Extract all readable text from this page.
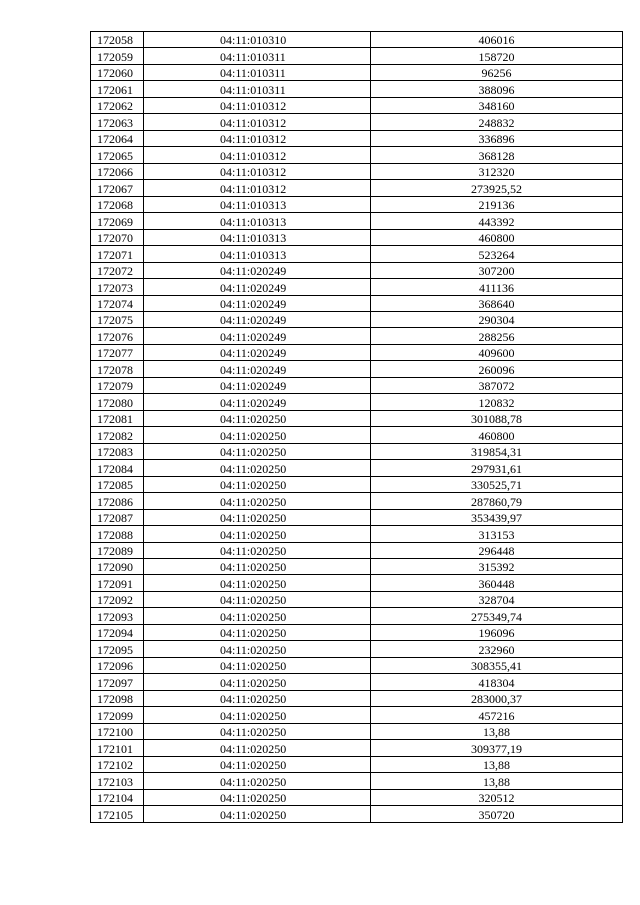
172058	04:11:010310	406016
172059	04:11:010311	158720
172060	04:11:010311	96256
172061	04:11:010311	388096
172062	04:11:010312	348160
172063	04:11:010312	248832
172064	04:11:010312	336896
172065	04:11:010312	368128
172066	04:11:010312	312320
172067	04:11:010312	273925,52
172068	04:11:010313	219136
172069	04:11:010313	443392
172070	04:11:010313	460800
172071	04:11:010313	523264
172072	04:11:020249	307200
172073	04:11:020249	411136
172074	04:11:020249	368640
172075	04:11:020249	290304
172076	04:11:020249	288256
172077	04:11:020249	409600
172078	04:11:020249	260096
172079	04:11:020249	387072
172080	04:11:020249	120832
172081	04:11:020250	301088,78
172082	04:11:020250	460800
172083	04:11:020250	319854,31
172084	04:11:020250	297931,61
172085	04:11:020250	330525,71
172086	04:11:020250	287860,79
172087	04:11:020250	353439,97
172088	04:11:020250	313153
172089	04:11:020250	296448
172090	04:11:020250	315392
172091	04:11:020250	360448
172092	04:11:020250	328704
172093	04:11:020250	275349,74
172094	04:11:020250	196096
172095	04:11:020250	232960
172096	04:11:020250	308355,41
172097	04:11:020250	418304
172098	04:11:020250	283000,37
172099	04:11:020250	457216
172100	04:11:020250	13,88
172101	04:11:020250	309377,19
172102	04:11:020250	13,88
172103	04:11:020250	13,88
172104	04:11:020250	320512
172105	04:11:020250	350720
